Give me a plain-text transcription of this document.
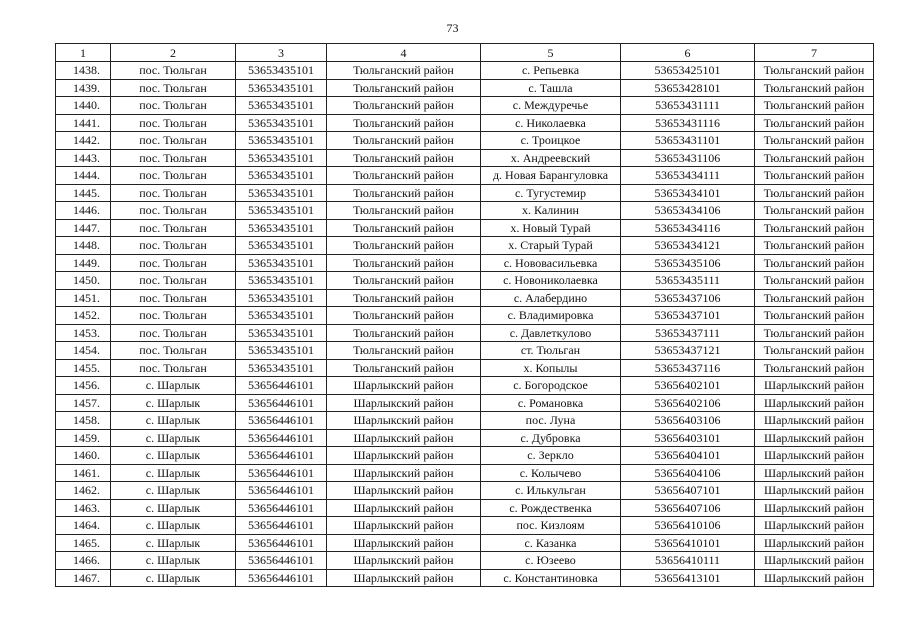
73
1	2	3	4	5	6	7
1438.	пос. Тюльган	53653435101	Тюльганский район	с. Репьевка	53653425101	Тюльганский район
1439.	пос. Тюльган	53653435101	Тюльганский район	с. Ташла	53653428101	Тюльганский район
1440.	пос. Тюльган	53653435101	Тюльганский район	с. Междуречье	53653431111	Тюльганский район
1441.	пос. Тюльган	53653435101	Тюльганский район	с. Николаевка	53653431116	Тюльганский район
1442.	пос. Тюльган	53653435101	Тюльганский район	с. Троицкое	53653431101	Тюльганский район
1443.	пос. Тюльган	53653435101	Тюльганский район	х. Андреевский	53653431106	Тюльганский район
1444.	пос. Тюльган	53653435101	Тюльганский район	д. Новая Барангуловка	53653434111	Тюльганский район
1445.	пос. Тюльган	53653435101	Тюльганский район	с. Тугустемир	53653434101	Тюльганский район
1446.	пос. Тюльган	53653435101	Тюльганский район	х. Калинин	53653434106	Тюльганский район
1447.	пос. Тюльган	53653435101	Тюльганский район	х. Новый Турай	53653434116	Тюльганский район
1448.	пос. Тюльган	53653435101	Тюльганский район	х. Старый Турай	53653434121	Тюльганский район
1449.	пос. Тюльган	53653435101	Тюльганский район	с. Нововасильевка	53653435106	Тюльганский район
1450.	пос. Тюльган	53653435101	Тюльганский район	с. Новониколаевка	53653435111	Тюльганский район
1451.	пос. Тюльган	53653435101	Тюльганский район	с. Алабердино	53653437106	Тюльганский район
1452.	пос. Тюльган	53653435101	Тюльганский район	с. Владимировка	53653437101	Тюльганский район
1453.	пос. Тюльган	53653435101	Тюльганский район	с. Давлеткулово	53653437111	Тюльганский район
1454.	пос. Тюльган	53653435101	Тюльганский район	ст. Тюльган	53653437121	Тюльганский район
1455.	пос. Тюльган	53653435101	Тюльганский район	х. Копылы	53653437116	Тюльганский район
1456.	с. Шарлык	53656446101	Шарлыкский район	с. Богородское	53656402101	Шарлыкский район
1457.	с. Шарлык	53656446101	Шарлыкский район	с. Романовка	53656402106	Шарлыкский район
1458.	с. Шарлык	53656446101	Шарлыкский район	пос. Луна	53656403106	Шарлыкский район
1459.	с. Шарлык	53656446101	Шарлыкский район	с. Дубровка	53656403101	Шарлыкский район
1460.	с. Шарлык	53656446101	Шарлыкский район	с. Зеркло	53656404101	Шарлыкский район
1461.	с. Шарлык	53656446101	Шарлыкский район	с. Колычево	53656404106	Шарлыкский район
1462.	с. Шарлык	53656446101	Шарлыкский район	с. Илькульган	53656407101	Шарлыкский район
1463.	с. Шарлык	53656446101	Шарлыкский район	с. Рождественка	53656407106	Шарлыкский район
1464.	с. Шарлык	53656446101	Шарлыкский район	пос. Кизлоям	53656410106	Шарлыкский район
1465.	с. Шарлык	53656446101	Шарлыкский район	с. Казанка	53656410101	Шарлыкский район
1466.	с. Шарлык	53656446101	Шарлыкский район	с. Юзеево	53656410111	Шарлыкский район
1467.	с. Шарлык	53656446101	Шарлыкский район	с. Константиновка	53656413101	Шарлыкский район
